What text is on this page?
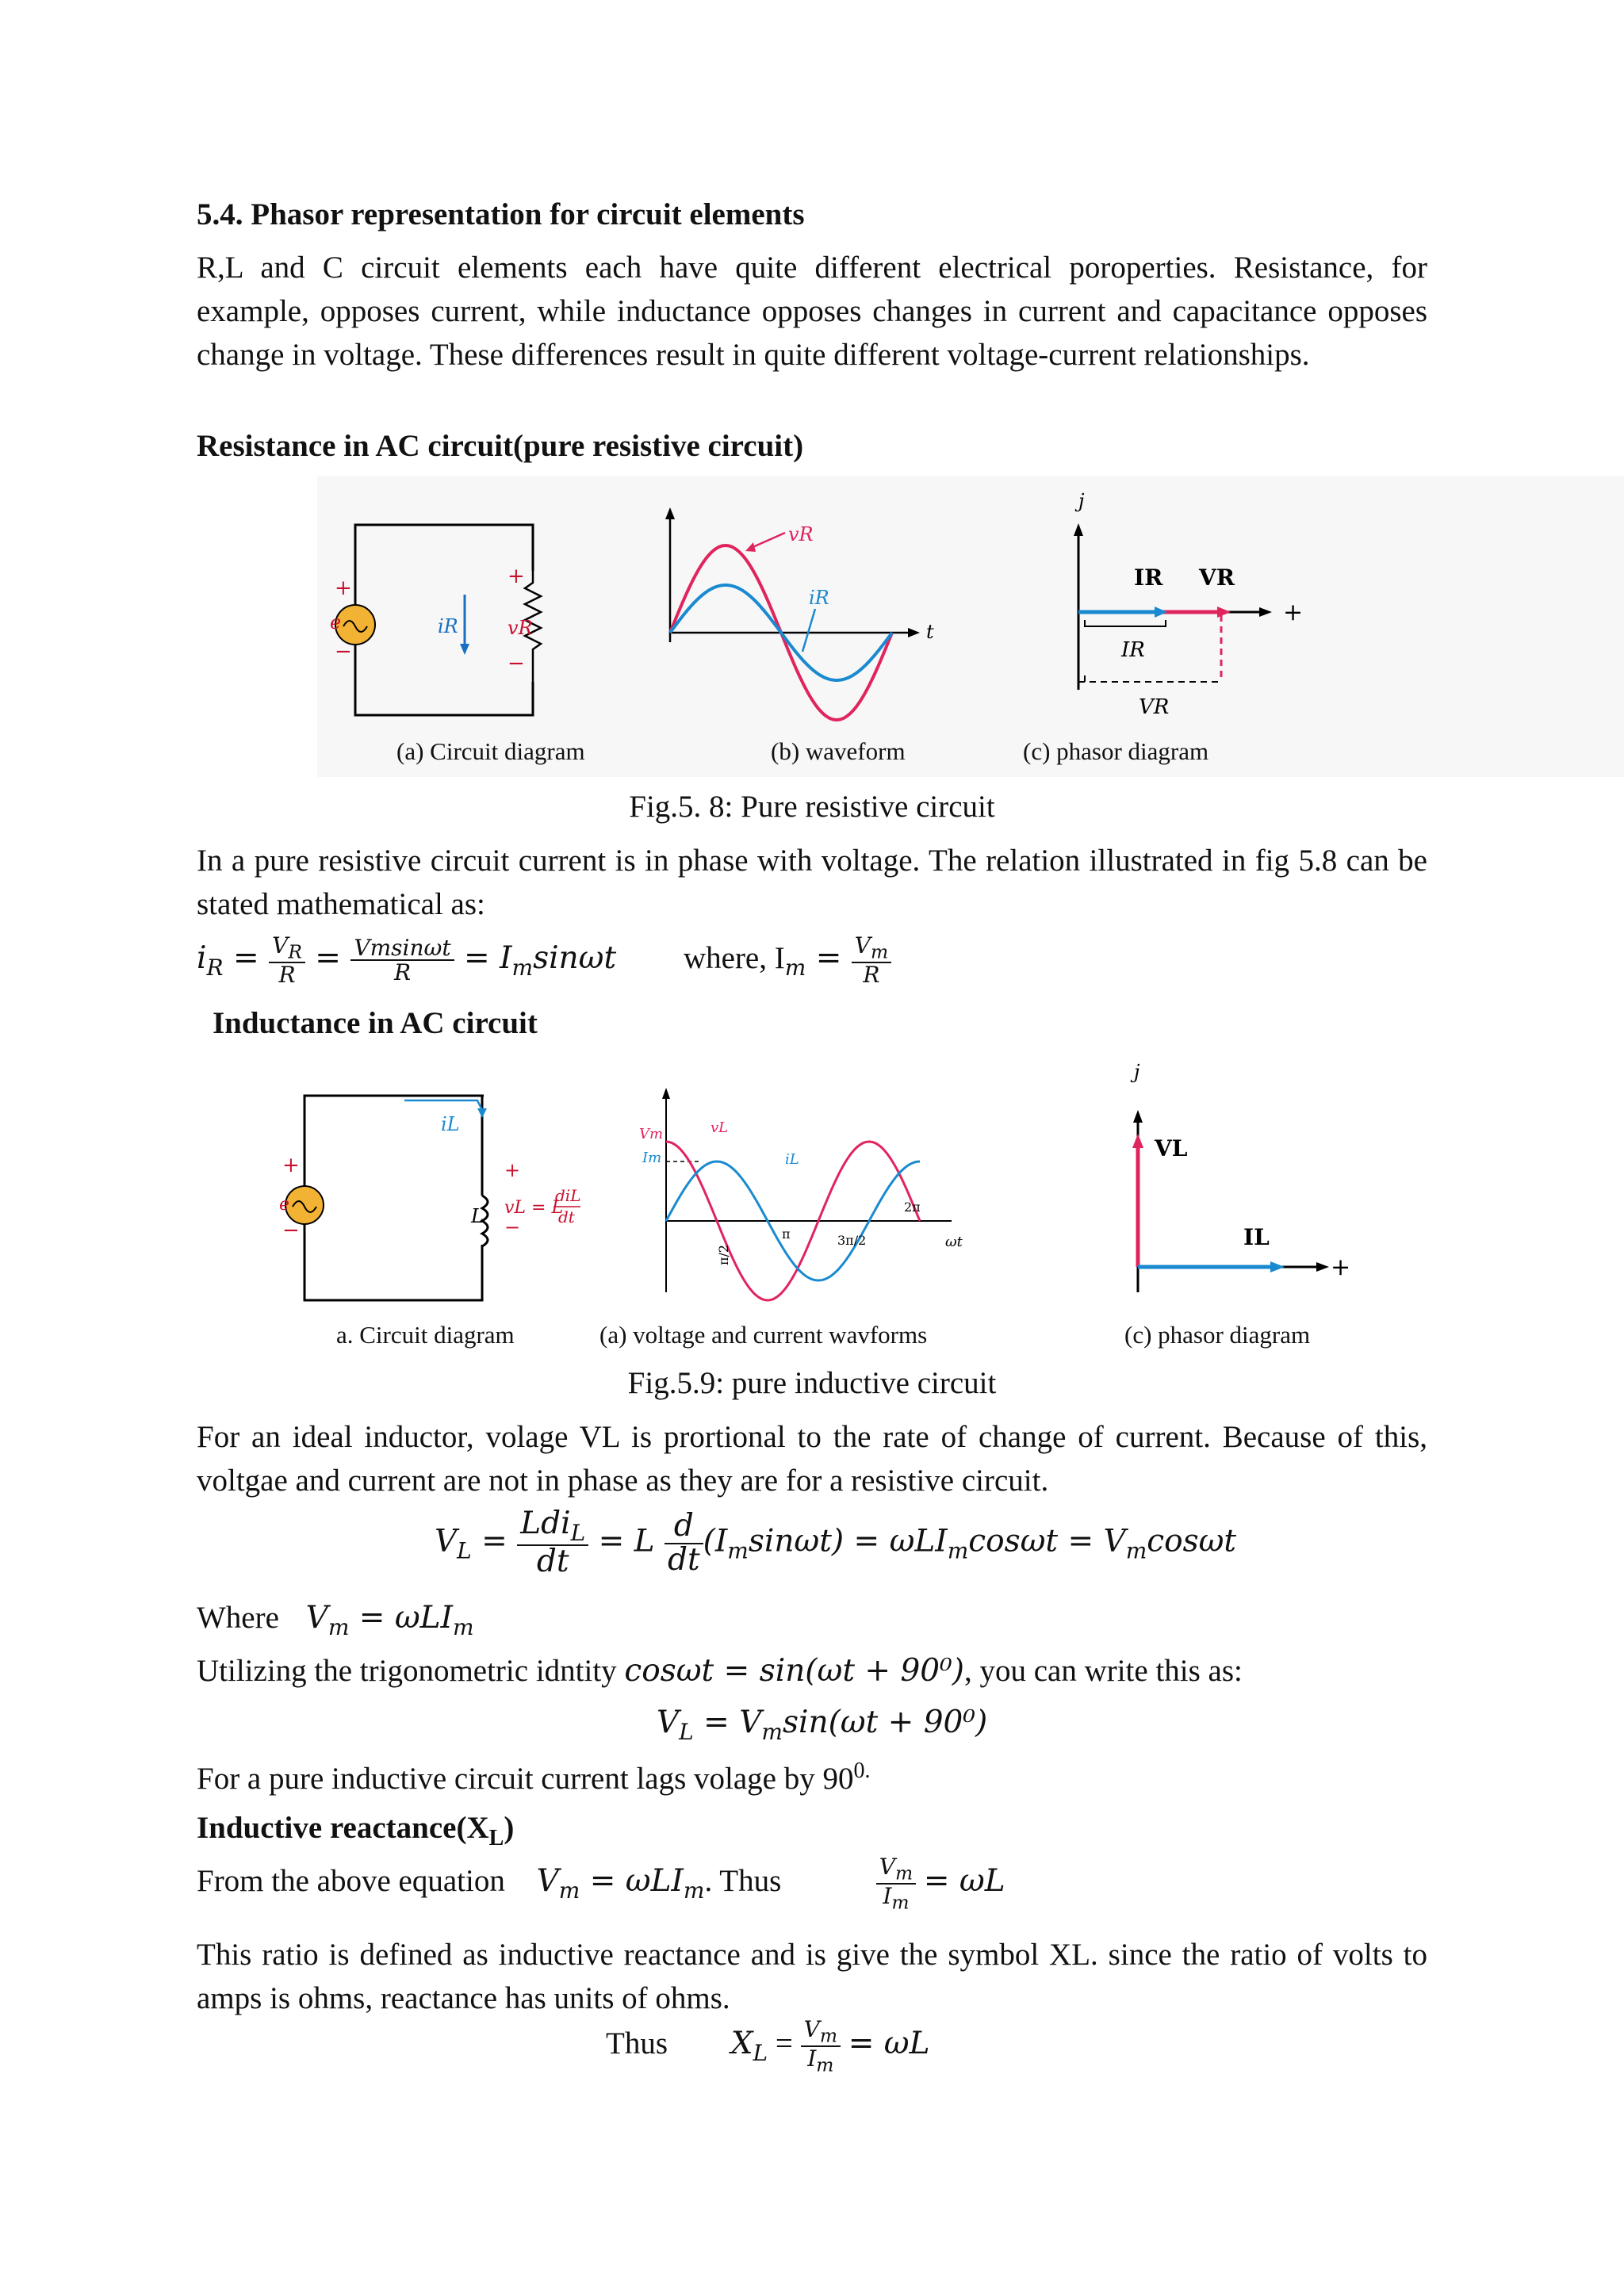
5.4. Phasor representation for circuit elements
R,L and C circuit elements each have quite different electrical poroperties. Resistance, for example, opposes current, while inductance opposes changes in current and capacitance opposes change in voltage. These differences result in quite different voltage-current relationships.
Resistance in AC circuit(pure resistive circuit)
e
+
−
iR
+
−
vR	t
vR
iR
j
IR VR
IR
VR
+
(a) Circuit diagram	(b) waveform	(c) phasor diagram
Fig.5. 8: Pure resistive circuit
In a pure resistive circuit current is in phase with voltage. The relation illustrated in fig 5.8 can be stated mathematical as:
$i_R = \frac{V_R}{R} = \frac{Vmsin\omega t}{R} = I_m\sin\omega t$ where, $I_m = \frac{V_m}{R}$
Inductance in AC circuit
e
+
−
iL
L
+
−
vL = L
diL
dt
Vm
Im
vL
iL
π/2
π	3π/2
2π
ωt
j
VL
IL
+
a. Circuit diagram	(a) voltage and current wavforms	(c) phasor diagram
Fig.5.9: pure inductive circuit
For an ideal inductor, volage VL is prortional to the rate of change of current. Because of this, voltgae and current are not in phase as they are for a resistive circuit.
$V_L = \frac{Ldi_L}{dt} = L \frac{d}{dt} (I_m\sin\omega t) = \omega LI_m\cos\omega t = V_m\cos\omega t$
Where $V_m = \omega LI_m$
Utilizing the trigonometric idntity cosωt = sin(ωt + 90⁰), you can write this as:
$V_L = V_m\sin(\omega t + 90^0)$
For a pure inductive circuit current lags volage by $90^{0.}$
Inductive $reactance(X_L)$
From the above equation $V_m = \omega LI_m$. Thus	$\frac{V_m}{I_m} = \omega L$
This ratio is defined as inductive reactance and is give the symbol XL. since the ratio of volts to amps is ohms, reactance has units of ohms.
Thus $X_L = \frac{V_m}{I_m} = \omega L$
